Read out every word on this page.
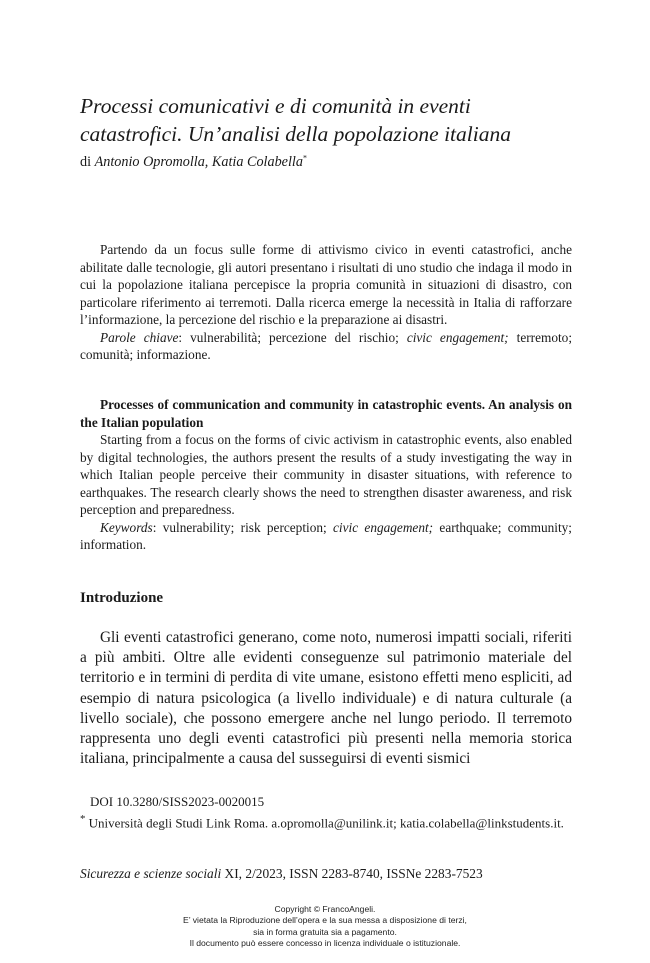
Processi comunicativi e di comunità in eventi
catastrofici. Un’analisi della popolazione italiana
di Antonio Opromolla, Katia Colabella*

Partendo da un focus sulle forme di attivismo civico in eventi catastrofici, anche abilitate dalle tecnologie, gli autori presentano i risultati di uno studio che indaga il modo in cui la popolazione italiana percepisce la propria comunità in situazioni di disastro, con particolare riferimento ai terremoti. Dalla ricerca emerge la necessità in Italia di rafforzare l’informazione, la percezione del rischio e la preparazione ai disastri.

Parole chiave: vulnerabilità; percezione del rischio; civic engagement; terremoto; comunità; informazione.

Processes of communication and community in catastrophic events. An analysis on the Italian population

Starting from a focus on the forms of civic activism in catastrophic events, also enabled by digital technologies, the authors present the results of a study investigating the way in which Italian people perceive their community in disaster situations, with reference to earthquakes. The research clearly shows the need to strengthen disaster awareness, and risk perception and preparedness.

Keywords: vulnerability; risk perception; civic engagement; earthquake; community; information.

Introduzione

Gli eventi catastrofici generano, come noto, numerosi impatti sociali, riferiti a più ambiti. Oltre alle evidenti conseguenze sul patrimonio materiale del territorio e in termini di perdita di vite umane, esistono effetti meno espliciti, ad esempio di natura psicologica (a livello individuale) e di natura culturale (a livello sociale), che possono emergere anche nel lungo periodo. Il terremoto rappresenta uno degli eventi catastrofici più presenti nella memoria storica italiana, principalmente a causa del susseguirsi di eventi sismici

DOI 10.3280/SISS2023-0020015
* Università degli Studi Link Roma. a.opromolla@unilink.it; katia.colabella@linkstudents.it.
Sicurezza e scienze sociali XI, 2/2023, ISSN 2283-8740, ISSNe 2283-7523
Copyright © FrancoAngeli.
E’ vietata la Riproduzione dell’opera e la sua messa a disposizione di terzi,
sia in forma gratuita sia a pagamento.
Il documento può essere concesso in licenza individuale o istituzionale.
